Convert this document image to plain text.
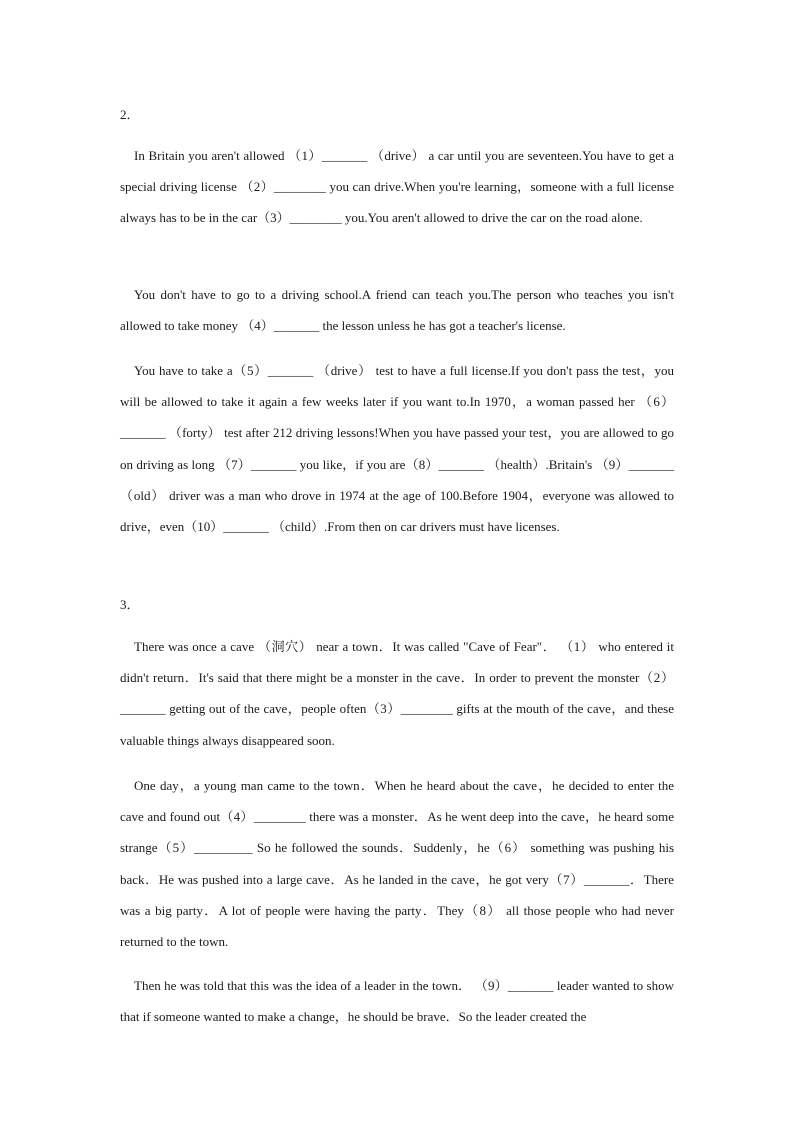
2．

In Britain you aren't allowed （1）_______ （drive） a car until you are seventeen.You have to get a special driving license （2）________ you can drive.When you're learning，someone with a full license always has to be in the car（3）________ you.You aren't allowed to drive the car on the road alone.

You don't have to go to a driving school.A friend can teach you.The person who teaches you isn't allowed to take money （4）_______ the lesson unless he has got a teacher's license.

You have to take a（5）_______ （drive） test to have a full license.If you don't pass the test，you will be allowed to take it again a few weeks later if you want to.In 1970，a woman passed her （6）_______ （forty） test after 212 driving lessons!When you have passed your test，you are allowed to go on driving as long （7）_______ you like，if you are（8）_______ （health）.Britain's （9）_______ （old） driver was a man who drove in 1974 at the age of 100.Before 1904，everyone was allowed to drive，even（10）_______ （child）.From then on car drivers must have licenses.

3．

There was once a cave （洞穴） near a town．It was called "Cave of Fear"． （1） who entered it didn't return．It's said that there might be a monster in the cave．In order to prevent the monster（2）_______ getting out of the cave，people often（3）________ gifts at the mouth of the cave，and these valuable things always disappeared soon.

One day，a young man came to the town．When he heard about the cave，he decided to enter the cave and found out（4）________ there was a monster．As he went deep into the cave，he heard some strange（5）_________ So he followed the sounds．Suddenly，he（6） something was pushing his back．He was pushed into a large cave．As he landed in the cave，he got very（7）_______．There was a big party．A lot of people were having the party．They（8） all those people who had never returned to the town.

Then he was told that this was the idea of a leader in the town． （9）_______ leader wanted to show that if someone wanted to make a change，he should be brave．So the leader created the
